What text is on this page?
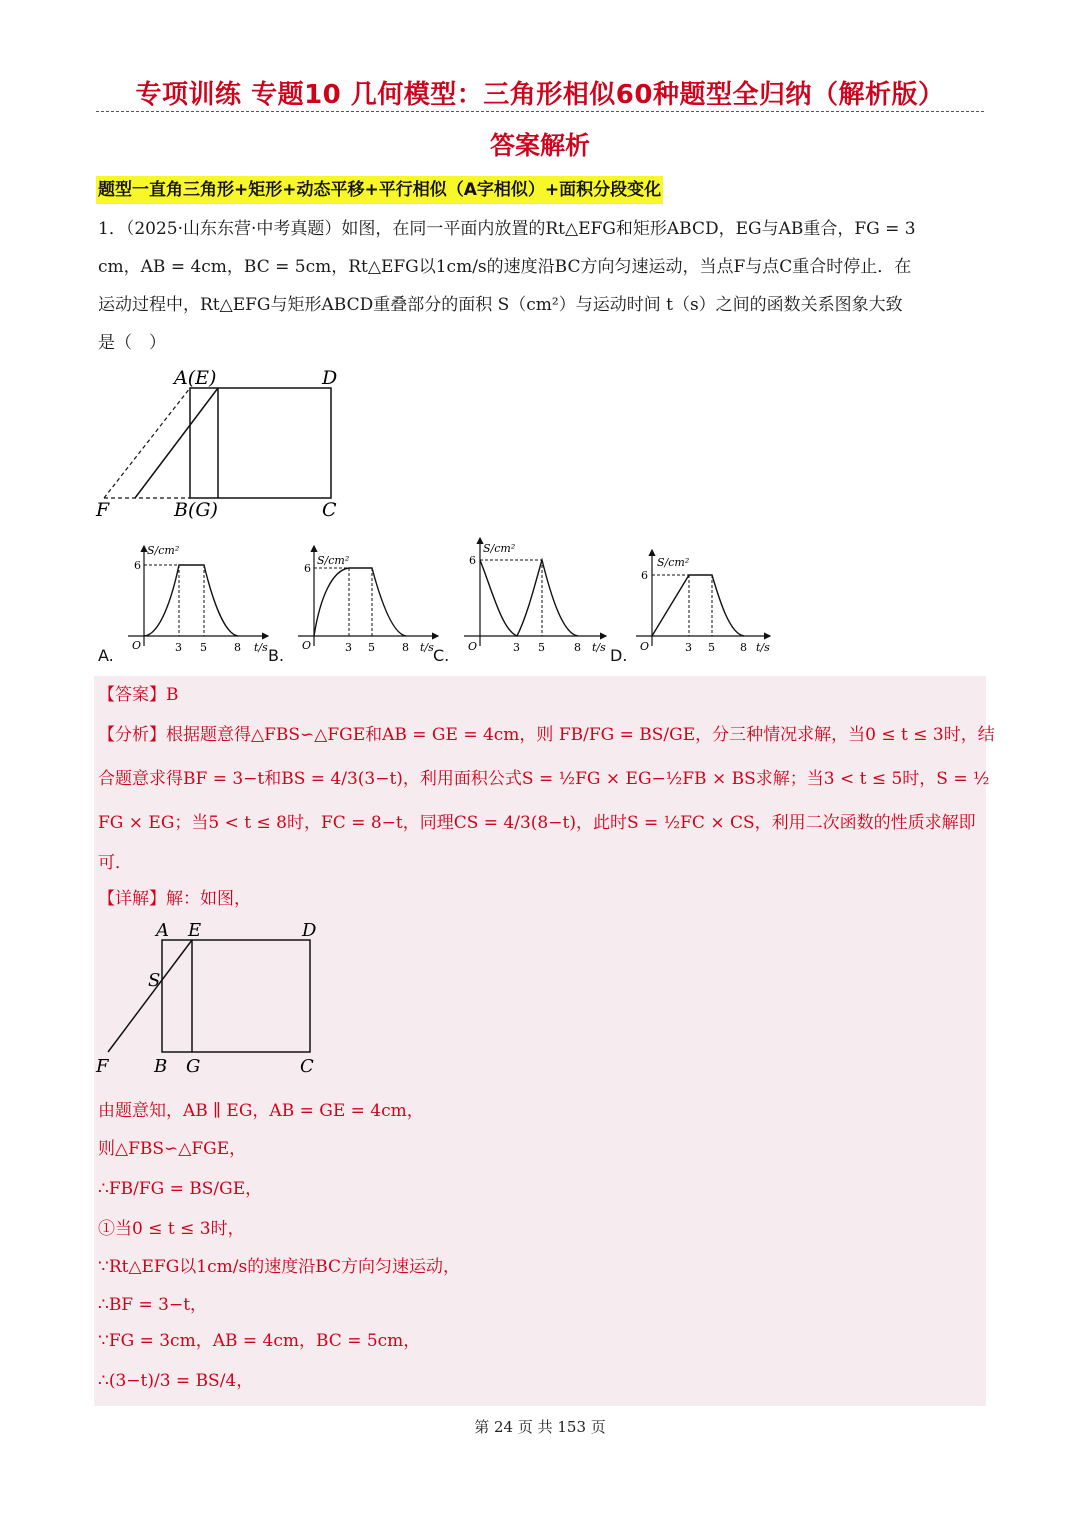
专项训练 专题10 几何模型：三角形相似60种题型全归纳（解析版）
答案解析
题型一直角三角形+矩形+动态平移+平行相似（A字相似）+面积分段变化
1．（2025·山东东营·中考真题）如图，在同一平面内放置的Rt△EFG和矩形ABCD，EG与AB重合，FG = 3
cm，AB = 4cm，BC = 5cm，Rt△EFG以1cm/s的速度沿BC方向匀速运动，当点F与点C重合时停止．在
运动过程中，Rt△EFG与矩形ABCD重叠部分的面积 S（cm²）与运动时间 t（s）之间的函数关系图象大致
是（　）
A(E)	D
F	B(G)	C
S/cm²
6
O	3 5 8 t/s
A.
S/cm²
6
O	3 5 8 t/s
B.
S/cm²
6
O	3 5	8 t/s
C.
S/cm²
6
O	3 5 8 t/s
D.
【答案】B
【分析】根据题意得△FBS∽△FGE和AB = GE = 4cm，则 FB/FG = BS/GE，分三种情况求解，当0 ≤ t ≤ 3时，结
合题意求得BF = 3−t和BS = 4/3(3−t)，利用面积公式S = ½FG × EG−½FB × BS求解；当3 < t ≤ 5时，S = ½
FG × EG；当5 < t ≤ 8时，FC = 8−t，同理CS = 4/3(8−t)，此时S = ½FC × CS，利用二次函数的性质求解即
可．
【详解】解：如图，
A E	D
S
F	B G	C
由题意知，AB ∥ EG，AB = GE = 4cm，
则△FBS∽△FGE，
∴FB/FG = BS/GE，
①当0 ≤ t ≤ 3时，
∵Rt△EFG以1cm/s的速度沿BC方向匀速运动，
∴BF = 3−t，
∵FG = 3cm，AB = 4cm，BC = 5cm，
∴(3−t)/3 = BS/4，
第 24 页 共 153 页
